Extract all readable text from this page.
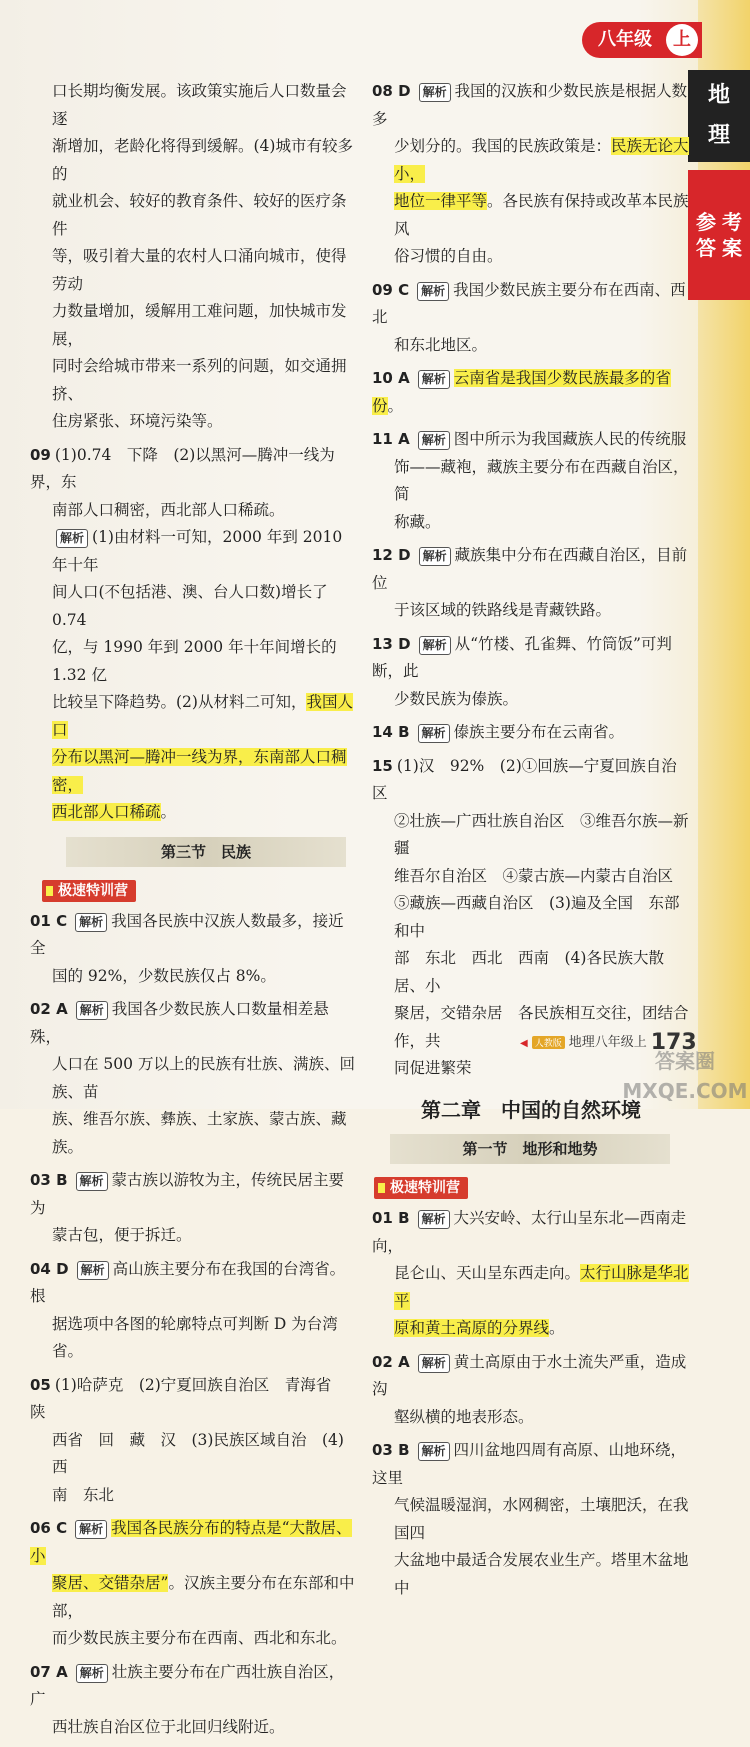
八年级	上
地
理
参 考
答 案
口长期均衡发展。该政策实施后人口数量会逐
渐增加，老龄化将得到缓解。(4)城市有较多的
就业机会、较好的教育条件、较好的医疗条件
等，吸引着大量的农村人口涌向城市，使得劳动
力数量增加，缓解用工难问题，加快城市发展，
同时会给城市带来一系列的问题，如交通拥挤、
住房紧张、环境污染等。
09 (1)0.74　下降　(2)以黑河—腾冲一线为界，东
南部人口稠密，西北部人口稀疏。
解析 (1)由材料一可知，2000 年到 2010 年十年
间人口(不包括港、澳、台人口数)增长了 0.74
亿，与 1990 年到 2000 年十年间增长的 1.32 亿
比较呈下降趋势。(2)从材料二可知，我国人口
分布以黑河—腾冲一线为界，东南部人口稠密，
西北部人口稀疏。
第三节　民族
极速特训营
01 C 解析 我国各民族中汉族人数最多，接近全
国的 92%，少数民族仅占 8%。
02 A 解析 我国各少数民族人口数量相差悬殊，
人口在 500 万以上的民族有壮族、满族、回族、苗
族、维吾尔族、彝族、土家族、蒙古族、藏族。
03 B 解析 蒙古族以游牧为主，传统民居主要为
蒙古包，便于拆迁。
04 D 解析 高山族主要分布在我国的台湾省。根
据选项中各图的轮廓特点可判断 D 为台湾省。
05 (1)哈萨克　(2)宁夏回族自治区　青海省　陕
西省　回　藏　汉　(3)民族区域自治　(4)西
南　东北
06 C 解析 我国各民族分布的特点是“大散居、小
聚居、交错杂居”。汉族主要分布在东部和中部，
而少数民族主要分布在西南、西北和东北。
07 A 解析 壮族主要分布在广西壮族自治区，广
西壮族自治区位于北回归线附近。
08 D 解析 我国的汉族和少数民族是根据人数多
少划分的。我国的民族政策是：民族无论大小，
地位一律平等。各民族有保持或改革本民族风
俗习惯的自由。
09 C 解析 我国少数民族主要分布在西南、西北
和东北地区。
10 A 解析 云南省是我国少数民族最多的省份。
11 A 解析 图中所示为我国藏族人民的传统服
饰——藏袍，藏族主要分布在西藏自治区，简
称藏。
12 D 解析 藏族集中分布在西藏自治区，目前位
于该区域的铁路线是青藏铁路。
13 D 解析 从“竹楼、孔雀舞、竹筒饭”可判断，此
少数民族为傣族。
14 B 解析 傣族主要分布在云南省。
15 (1)汉　92%　(2)①回族—宁夏回族自治区
②壮族—广西壮族自治区　③维吾尔族—新疆
维吾尔自治区　④蒙古族—内蒙古自治区
⑤藏族—西藏自治区　(3)遍及全国　东部和中
部　东北　西北　西南　(4)各民族大散居、小
聚居，交错杂居　各民族相互交往，团结合作，共
同促进繁荣
第二章　中国的自然环境
第一节　地形和地势
极速特训营
01 B 解析 大兴安岭、太行山呈东北—西南走向，
昆仑山、天山呈东西走向。太行山脉是华北平
原和黄土高原的分界线。
02 A 解析 黄土高原由于水土流失严重，造成沟
壑纵横的地表形态。
03 B 解析 四川盆地四周有高原、山地环绕，这里
气候温暖湿润，水网稠密，土壤肥沃，在我国四
大盆地中最适合发展农业生产。塔里木盆地中
◀ 人教版 地理八年级上 173
答案圈
MXQE.COM
